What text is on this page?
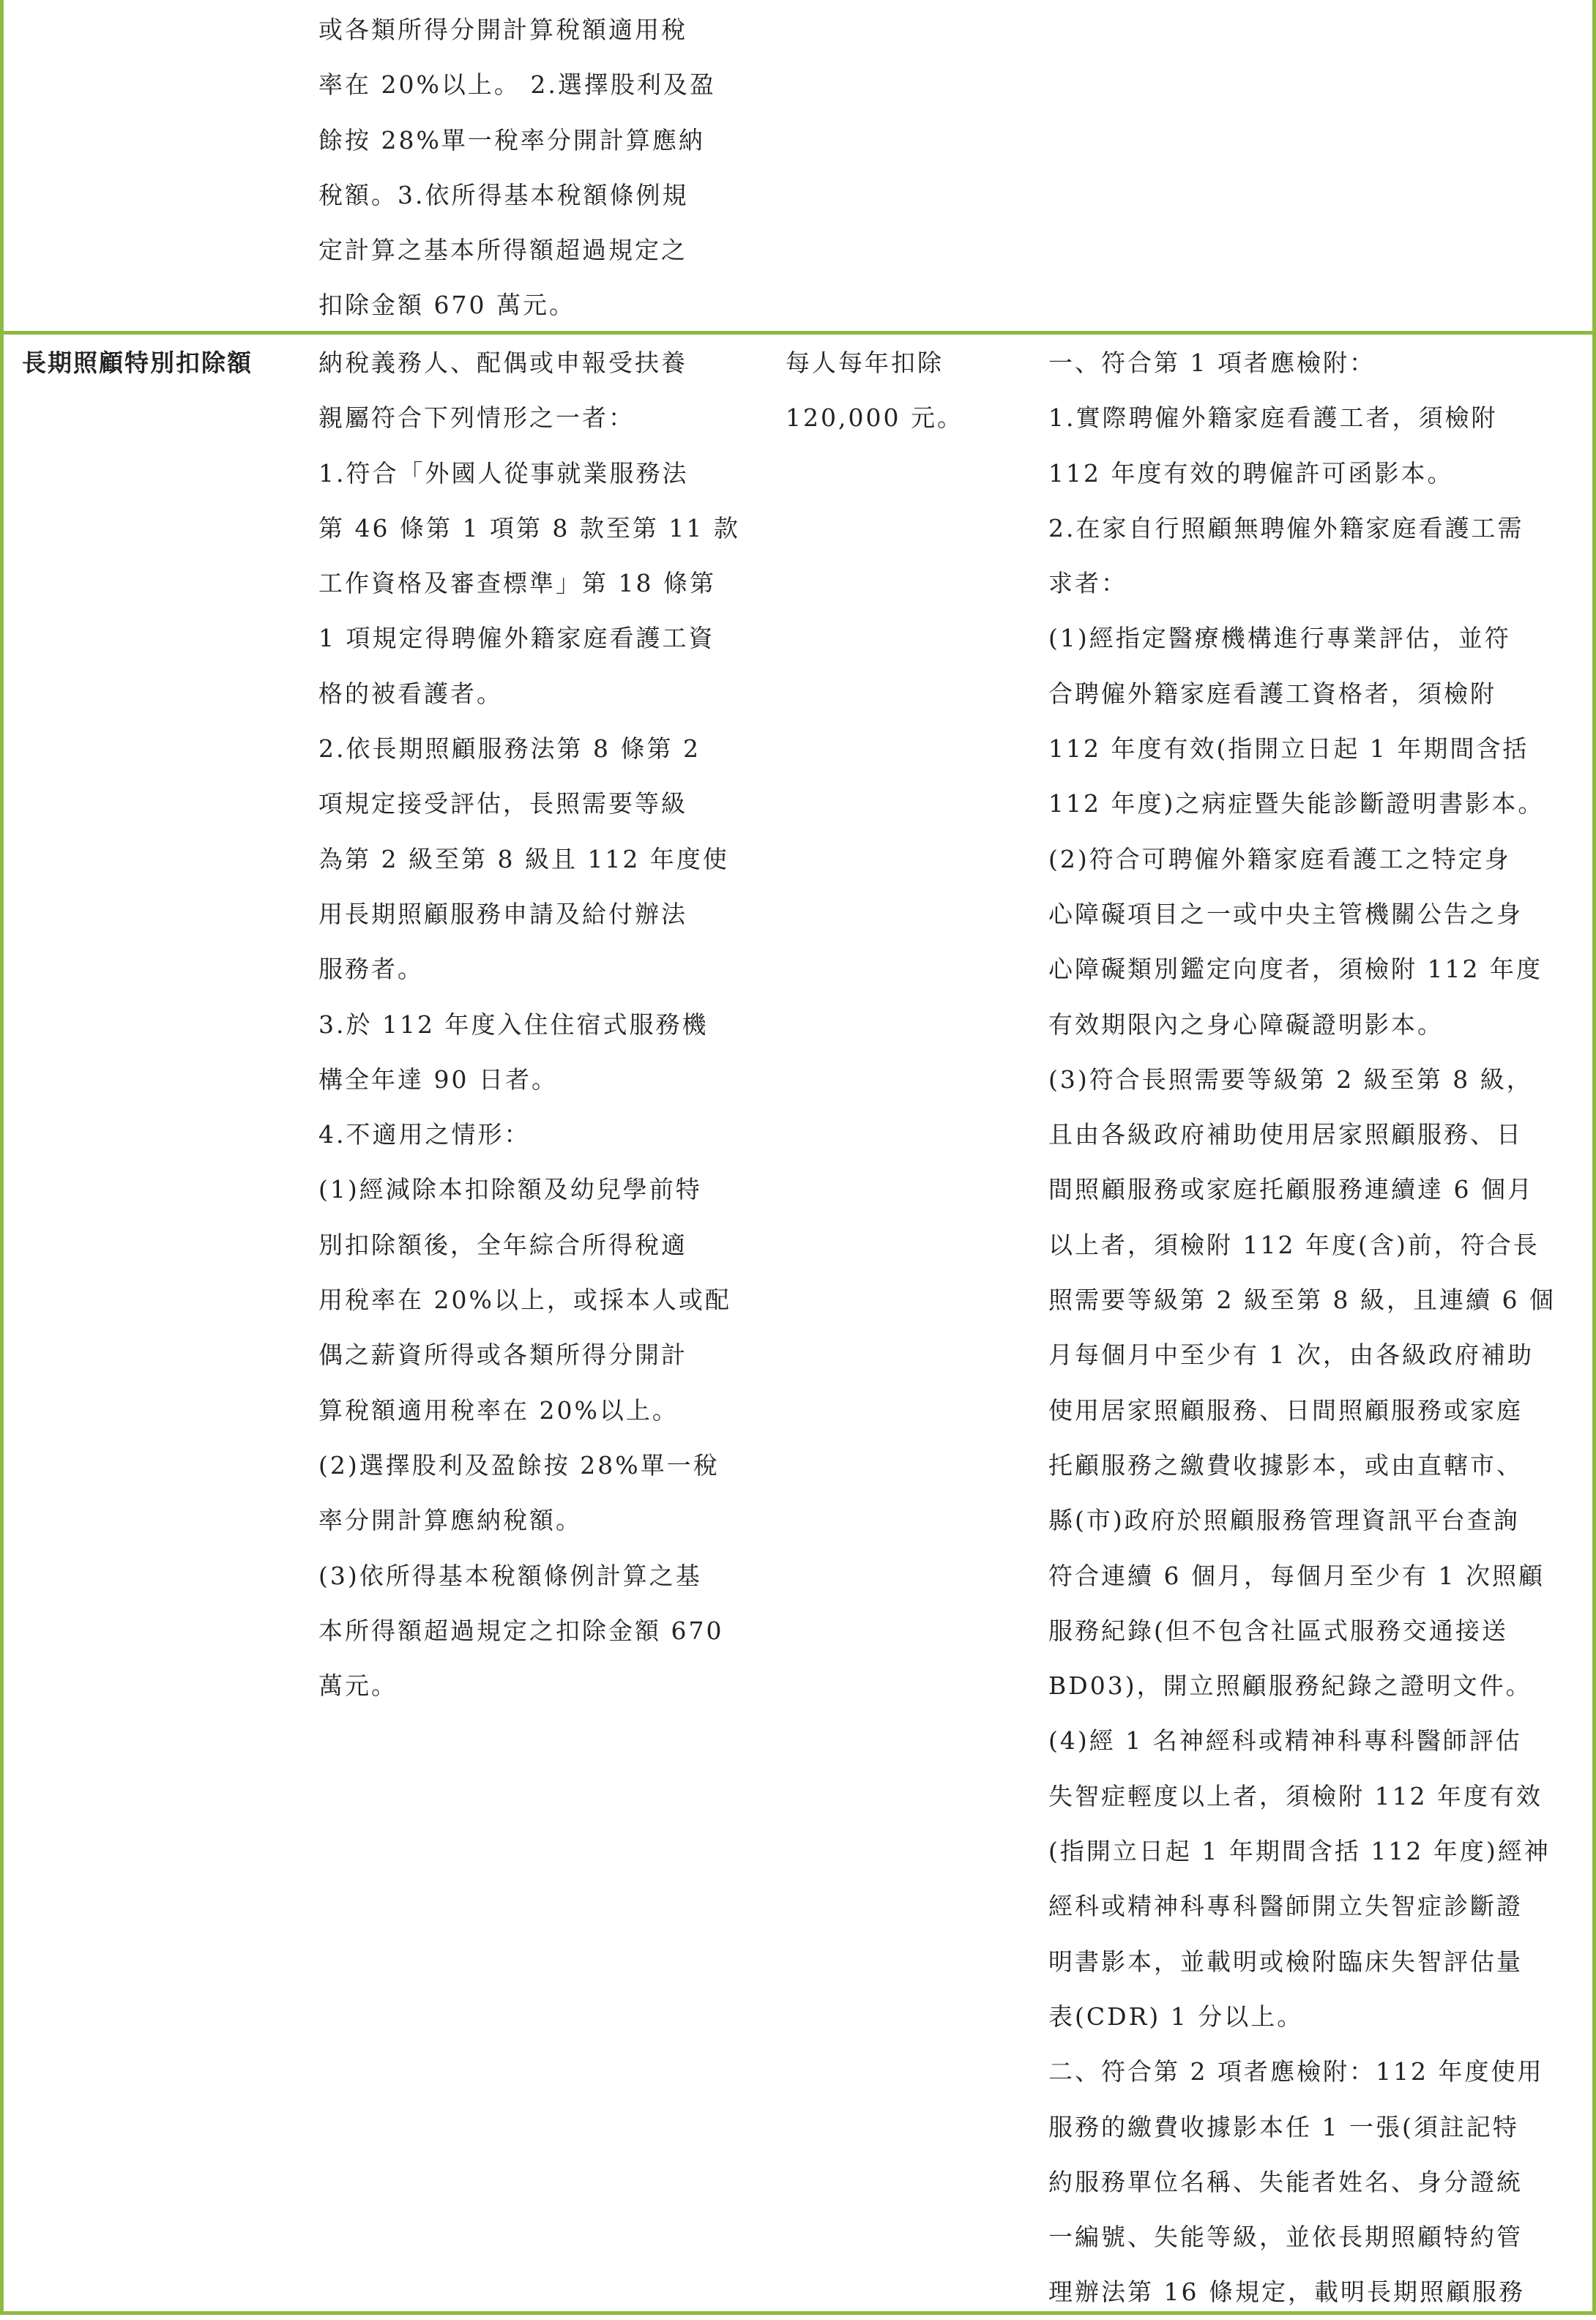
或各類所得分開計算稅額適用稅

率在 20%以上。 2.選擇股利及盈

餘按 28%單一稅率分開計算應納

稅額。3.依所得基本稅額條例規

定計算之基本所得額超過規定之

扣除金額 670 萬元。

長期照顧特別扣除額	納稅義務人、配偶或申報受扶養

親屬符合下列情形之一者：

1.符合「外國人從事就業服務法

第 46 條第 1 項第 8 款至第 11 款

工作資格及審查標準」第 18 條第

1 項規定得聘僱外籍家庭看護工資

格的被看護者。

2.依長期照顧服務法第 8 條第 2

項規定接受評估，長照需要等級

為第 2 級至第 8 級且 112 年度使

用長期照顧服務申請及給付辦法

服務者。

3.於 112 年度入住住宿式服務機

構全年達 90 日者。

4.不適用之情形：

(1)經減除本扣除額及幼兒學前特

別扣除額後，全年綜合所得稅適

用稅率在 20%以上，或採本人或配

偶之薪資所得或各類所得分開計

算稅額適用稅率在 20%以上。

(2)選擇股利及盈餘按 28%單一稅

率分開計算應納稅額。

(3)依所得基本稅額條例計算之基

本所得額超過規定之扣除金額 670

萬元。

每人每年扣除

120,000 元。

一、符合第 1 項者應檢附：

1.實際聘僱外籍家庭看護工者，須檢附

112 年度有效的聘僱許可函影本。

2.在家自行照顧無聘僱外籍家庭看護工需

求者：

(1)經指定醫療機構進行專業評估，並符

合聘僱外籍家庭看護工資格者，須檢附

112 年度有效(指開立日起 1 年期間含括

112 年度)之病症暨失能診斷證明書影本。

(2)符合可聘僱外籍家庭看護工之特定身

心障礙項目之一或中央主管機關公告之身

心障礙類別鑑定向度者，須檢附 112 年度

有效期限內之身心障礙證明影本。

(3)符合長照需要等級第 2 級至第 8 級，

且由各級政府補助使用居家照顧服務、日

間照顧服務或家庭托顧服務連續達 6 個月

以上者，須檢附 112 年度(含)前，符合長

照需要等級第 2 級至第 8 級，且連續 6 個

月每個月中至少有 1 次，由各級政府補助

使用居家照顧服務、日間照顧服務或家庭

托顧服務之繳費收據影本，或由直轄市、

縣(市)政府於照顧服務管理資訊平台查詢

符合連續 6 個月，每個月至少有 1 次照顧

服務紀錄(但不包含社區式服務交通接送

BD03)，開立照顧服務紀錄之證明文件。

(4)經 1 名神經科或精神科專科醫師評估

失智症輕度以上者，須檢附 112 年度有效

(指開立日起 1 年期間含括 112 年度)經神

經科或精神科專科醫師開立失智症診斷證

明書影本，並載明或檢附臨床失智評估量

表(CDR) 1 分以上。

二、符合第 2 項者應檢附：112 年度使用

服務的繳費收據影本任 1 一張(須註記特

約服務單位名稱、失能者姓名、身分證統

一編號、失能等級，並依長期照顧特約管

理辦法第 16 條規定，載明長期照顧服務
